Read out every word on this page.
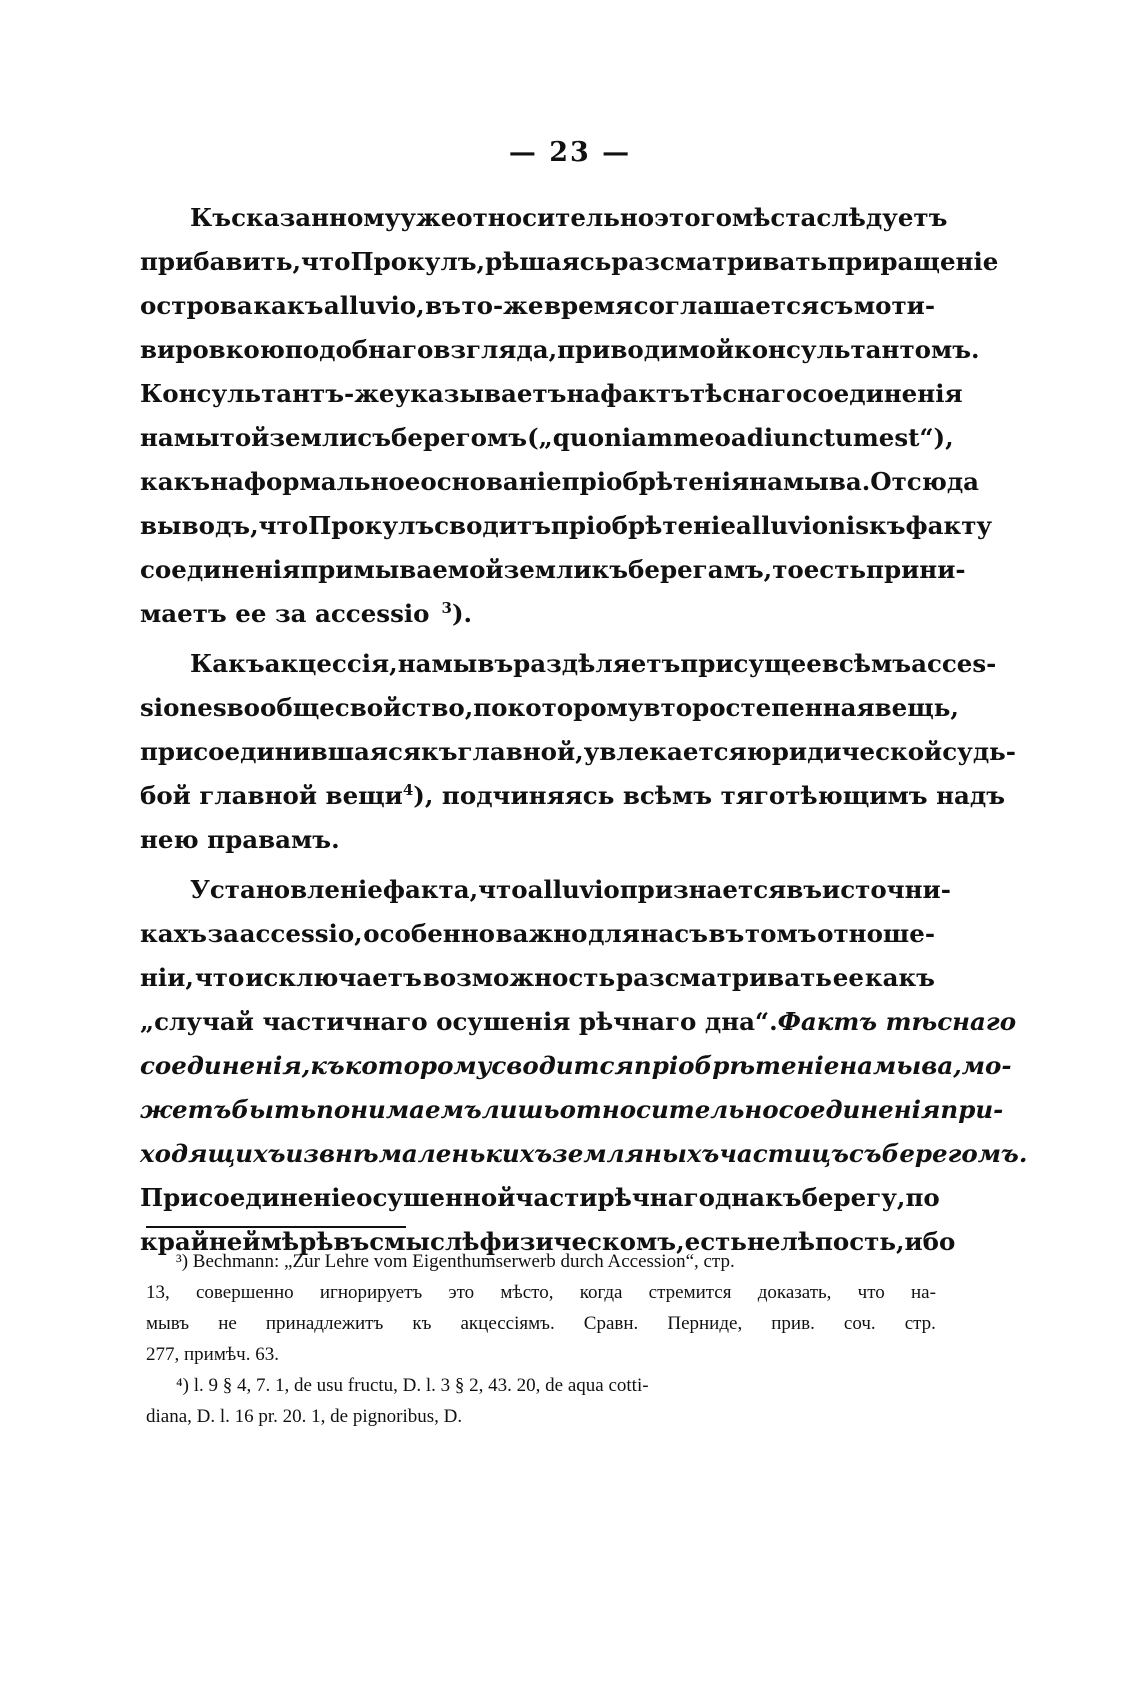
— 23 —
Къ сказанному уже относительно этого мѣста слѣдуетъ
прибавить, что Прокулъ, рѣшаясь разсматривать приращеніе
острова какъ alluvio, въ то-же время соглашается съ моти-
вировкою подобнаго взгляда, приводимой консультантомъ.
Консультантъ-же указываетъ на фактъ тѣснаго соединенія
намытой земли съ берегомъ („quoniam meo adiunctum est“),
какъ на формальное основаніе пріобрѣтенія намыва. Отсюда
выводъ, что Прокулъ сводитъ пріобрѣтеніе alluvionis къ факту
соединенія примываемой земли къ берегамъ, то есть прини-
маетъ ее за accessio $^3$).
Какъ акцессія, намывъ раздѣляетъ присущее всѣмъ acces-
siones вообще свойство, по которому второстепенная вещь,
присоединившаяся къ главной, увлекается юридической судь-
бой главной вещи$^4$), подчиняясь всѣмъ тяготѣющимъ надъ
нею правамъ.
Установленіе факта, что alluvio признается въ источни-
кахъ за accessio, особенно важно для насъ въ томъ отноше-
ніи, что исключаетъ возможность разсматривать ее какъ
„случай частичнаго осушенія рѣчнаго дна“. Фактъ тѣснаго
соединенія, къ которому сводится пріобрѣтеніе намыва, мо-
жетъ быть понимаемъ лишь относительно соединенія при-
ходящихъ извнѣ маленькихъ земляныхъ частицъ съ берегомъ.
Присоединеніе осушенной части рѣчнаго дна къ берегу, по
крайней мѣрѣ въ смыслѣ физическомъ, есть нелѣпость, ибо
³) Bechmann: „Zur Lehre vom Eigenthumserwerb durch Accession“, стр.
13, совершенно игнорируетъ это мѣсто, когда стремится доказать, что на-
мывъ не принадлежитъ къ акцессіямъ. Сравн. Перниде, прив. соч. стр.
277, примѣч. 63.
⁴) l. 9 § 4, 7. 1, de usu fructu, D. l. 3 § 2, 43. 20, de aqua cotti-
diana, D. l. 16 pr. 20. 1, de pignoribus, D.
